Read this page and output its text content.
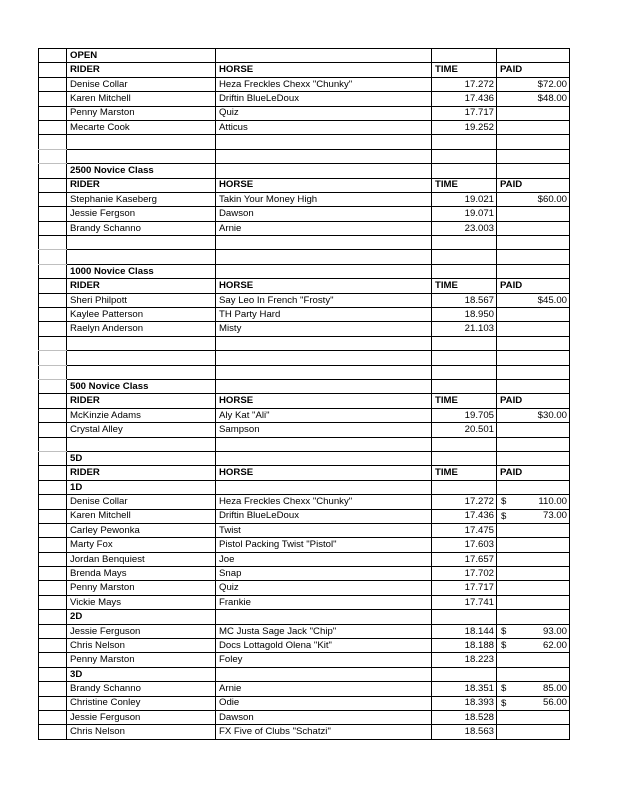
	OPEN			
	RIDER	HORSE	TIME	PAID
	Denise Collar	Heza Freckles Chexx "Chunky"	17.272	$72.00
	Karen Mitchell	Driftin BlueLeDoux	17.436	$48.00
	Penny Marston	Quiz	17.717	
	Mecarte Cook	Atticus	19.252	

	2500 Novice Class			
	RIDER	HORSE	TIME	PAID
	Stephanie Kaseberg	Takin Your Money High	19.021	$60.00
	Jessie Fergson	Dawson	19.071	
	Brandy Schanno	Arnie	23.003	

	1000 Novice Class			
	RIDER	HORSE	TIME	PAID
	Sheri Philpott	Say Leo In French "Frosty"	18.567	$45.00
	Kaylee Patterson	TH Party Hard	18.950	
	Raelyn Anderson	Misty	21.103	

	500 Novice Class			
	RIDER	HORSE	TIME	PAID
	McKinzie Adams	Aly Kat "Ali"	19.705	$30.00
	Crystal Alley	Sampson	20.501	

	5D			
	RIDER	HORSE	TIME	PAID
	1D			
	Denise Collar	Heza Freckles Chexx "Chunky"	17.272	$ 110.00
	Karen Mitchell	Driftin BlueLeDoux	17.436	$ 73.00
	Carley Pewonka	Twist	17.475	
	Marty Fox	Pistol Packing Twist "Pistol"	17.603	
	Jordan Benquiest	Joe	17.657	
	Brenda Mays	Snap	17.702	
	Penny Marston	Quiz	17.717	
	Vickie Mays	Frankie	17.741	
	2D			
	Jessie Ferguson	MC Justa Sage Jack "Chip"	18.144	$ 93.00
	Chris Nelson	Docs Lottagold Olena "Kit"	18.188	$ 62.00
	Penny Marston	Foley	18.223	
	3D			
	Brandy Schanno	Arnie	18.351	$ 85.00
	Christine Conley	Odie	18.393	$ 56.00
	Jessie Ferguson	Dawson	18.528	
	Chris Nelson	FX Five of Clubs "Schatzi"	18.563	
